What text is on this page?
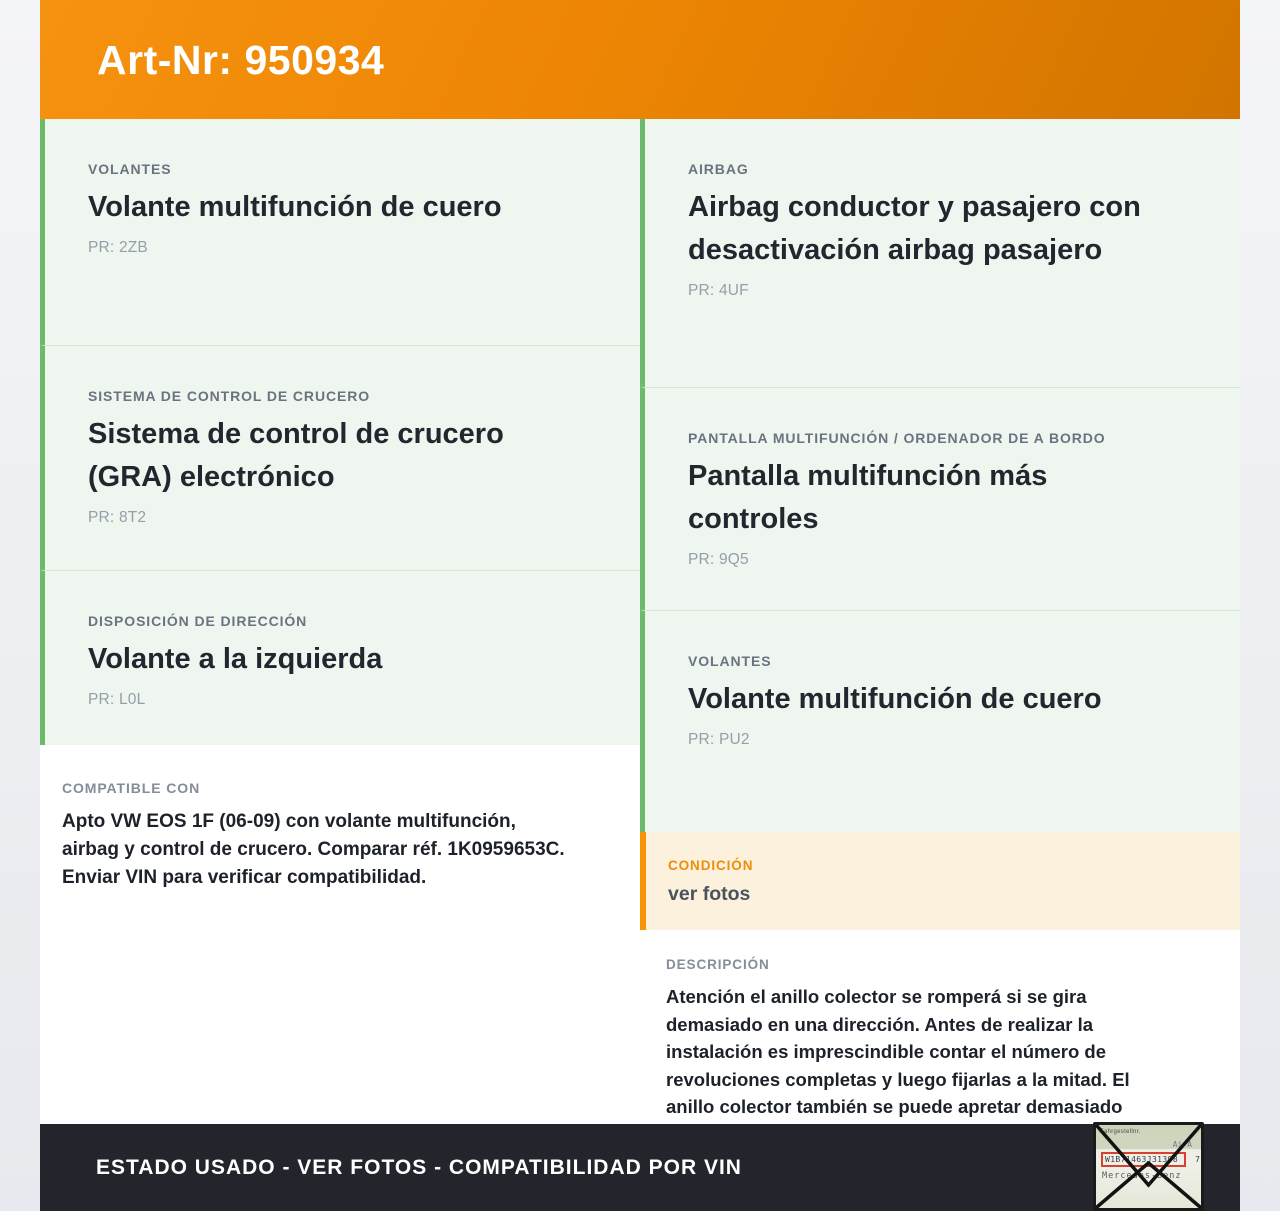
Art-Nr: 950934
VOLANTES
Volante multifunción de cuero
PR: 2ZB
SISTEMA DE CONTROL DE CRUCERO
Sistema de control de crucero (GRA) electrónico
PR: 8T2
DISPOSICIÓN DE DIRECCIÓN
Volante a la izquierda
PR: L0L
COMPATIBLE CON
Apto VW EOS 1F (06-09) con volante multifunción,
airbag y control de crucero. Comparar réf. 1K0959653C.
Enviar VIN para verificar compatibilidad.
AIRBAG
Airbag conductor y pasajero con desactivación airbag pasajero
PR: 4UF
PANTALLA MULTIFUNCIÓN / ORDENADOR DE A BORDO
Pantalla multifunción más controles
PR: 9Q5
VOLANTES
Volante multifunción de cuero
PR: PU2
CONDICIÓN
ver fotos
DESCRIPCIÓN
Atención el anillo colector se romperá si se gira
demasiado en una dirección. Antes de realizar la
instalación es imprescindible contar el número de
revoluciones completas y luego fijarlas a la mitad. El
anillo colector también se puede apretar demasiado
ESTADO USADO - VER FOTOS - COMPATIBILIDAD POR VIN
Fahrgestellnr.
Ai A
W1B71463J31398 7
Mercedes-Benz
